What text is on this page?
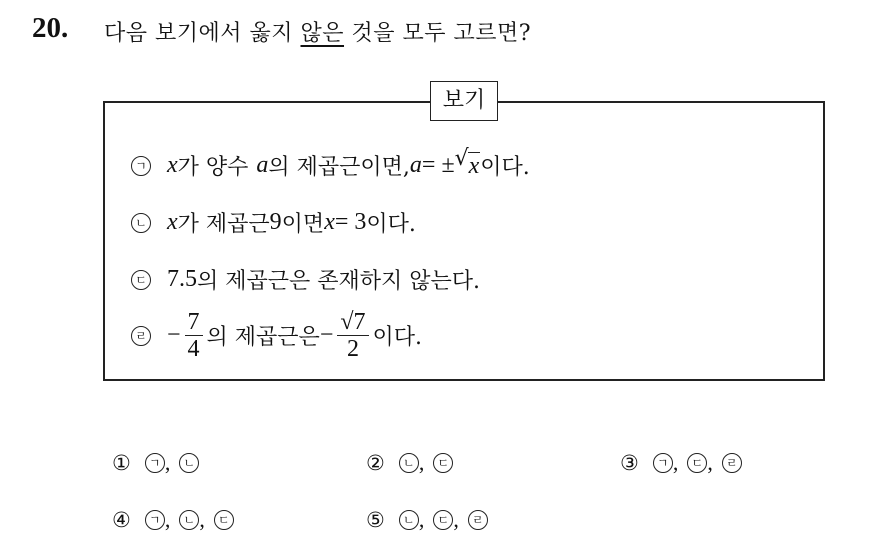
20. 다음 보기에서 옳지 않은 것을 모두 고르면?
보기
ㄱ x 가 양수 a 의 제곱근이면, a = ± √ x 이다.
ㄴ x 가 제곱근 9 이면 x = 3 이다.
ㄷ 7.5 의 제곱근은 존재하지 않는다.
ㄹ − $\frac{7}{4}$ 의 제곱근은 − $\frac{√7}{2}$ 이다.
①	ㄱ ,	ㄴ	②	ㄴ ,	ㄷ	③	ㄱ ,	ㄷ ,	ㄹ
④	ㄱ ,	ㄴ ,	ㄷ	⑤	ㄴ ,	ㄷ ,	ㄹ
